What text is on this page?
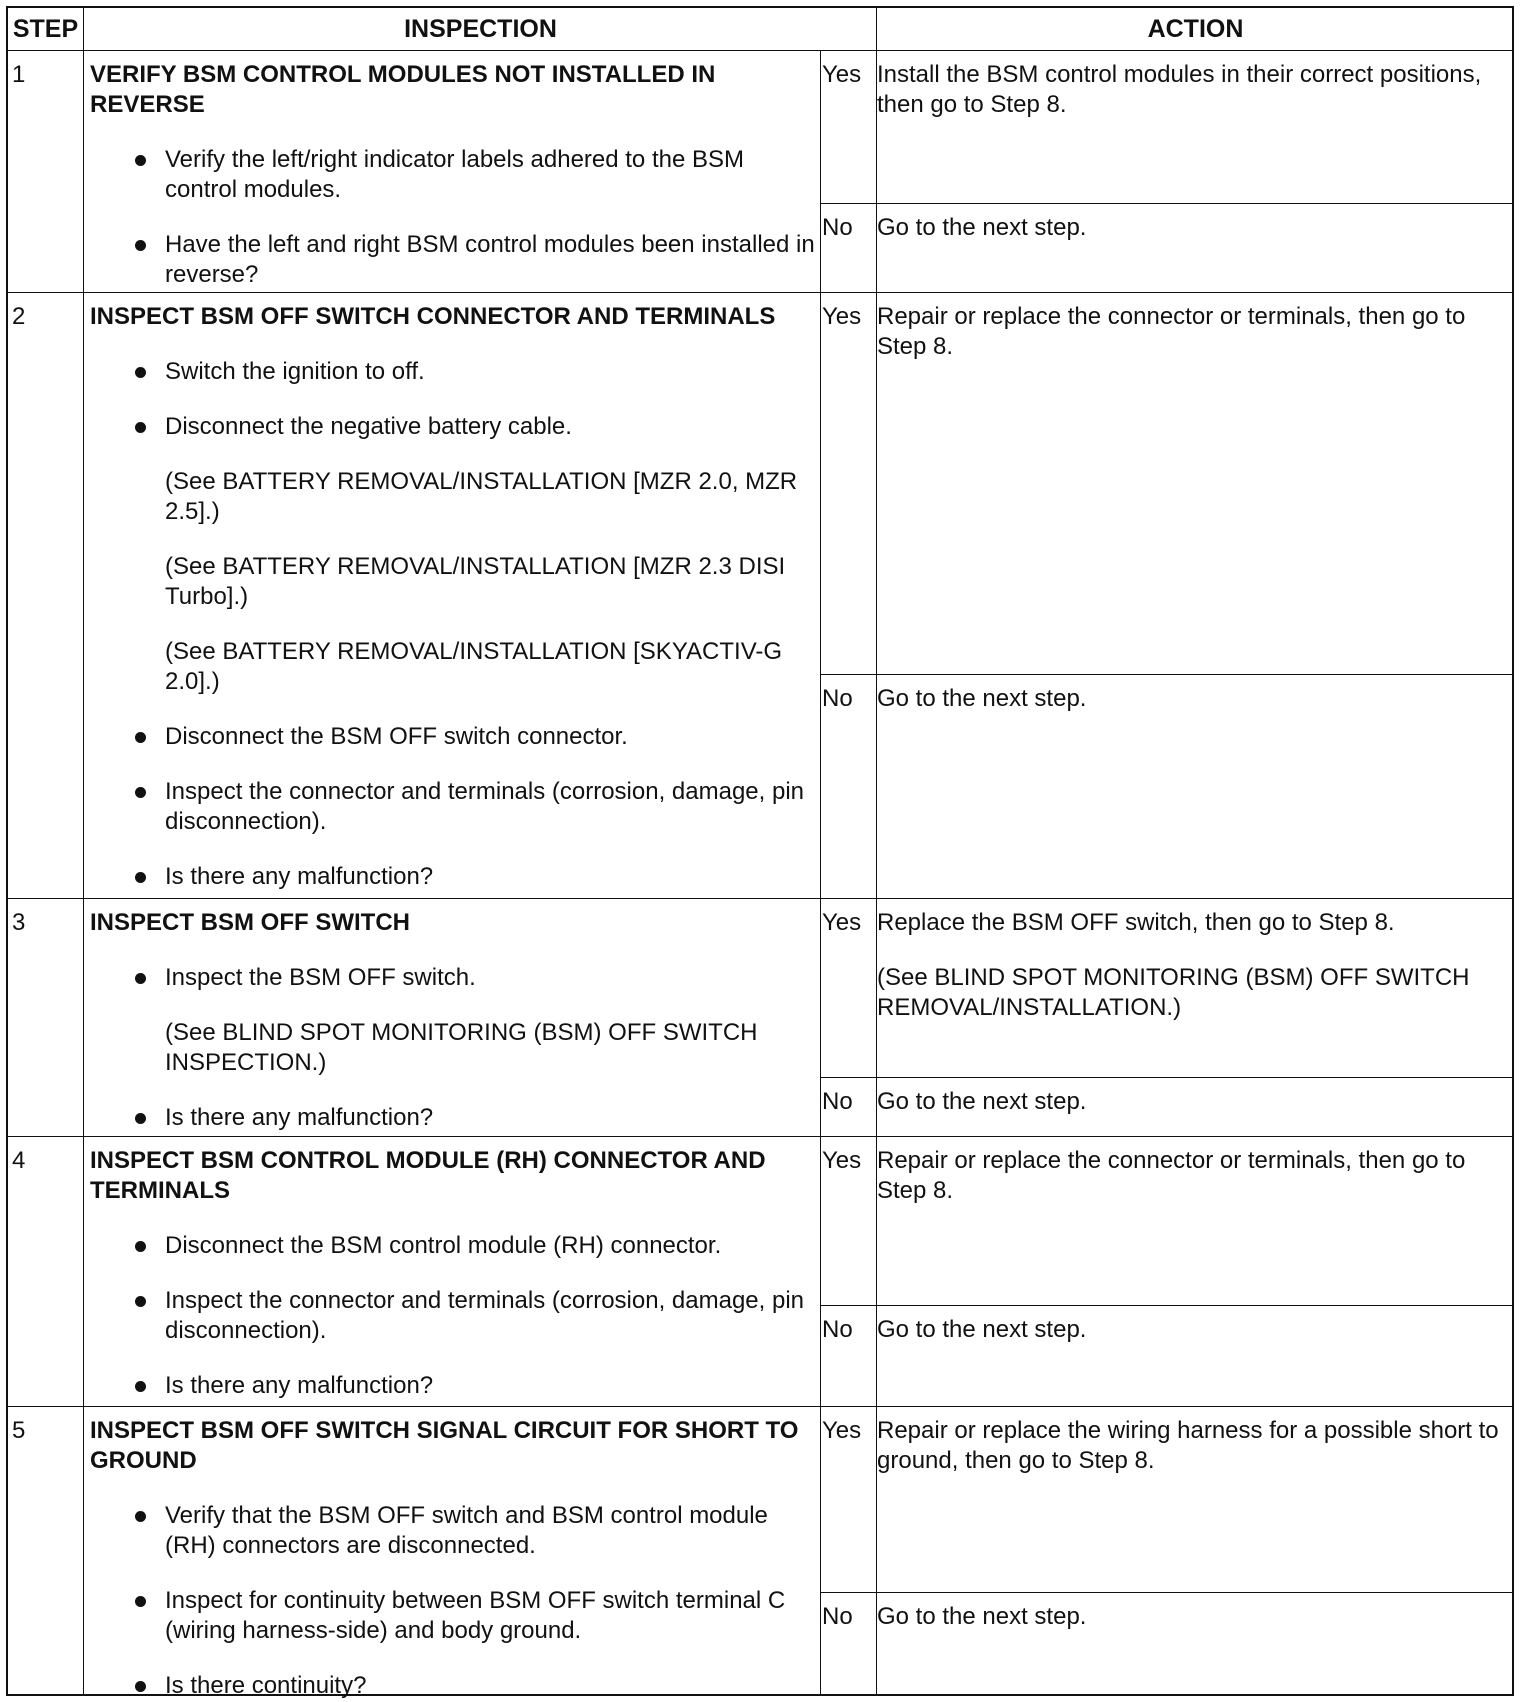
STEP	INSPECTION	ACTION
1	VERIFY BSM CONTROL MODULES NOT INSTALLED IN REVERSE

Verify the left/right indicator labels adhered to the BSM control modules.
Have the left and right BSM control modules been installed in reverse?
Yes Install the BSM control modules in their correct positions, then go to Step 8.

No Go to the next step.

2	INSPECT BSM OFF SWITCH CONNECTOR AND TERMINALS

Switch the ignition to off.
Disconnect the negative battery cable.
(See BATTERY REMOVAL/INSTALLATION [MZR 2.0, MZR 2.5].)
(See BATTERY REMOVAL/INSTALLATION [MZR 2.3 DISI Turbo].)
(See BATTERY REMOVAL/INSTALLATION [SKYACTIV-G 2.0].)
Disconnect the BSM OFF switch connector.
Inspect the connector and terminals (corrosion, damage, pin disconnection).
Is there any malfunction?
Yes Repair or replace the connector or terminals, then go to Step 8.

No Go to the next step.

3	INSPECT BSM OFF SWITCH

Inspect the BSM OFF switch.
(See BLIND SPOT MONITORING (BSM) OFF SWITCH INSPECTION.)
Is there any malfunction?
Yes Replace the BSM OFF switch, then go to Step 8.

(See BLIND SPOT MONITORING (BSM) OFF SWITCH REMOVAL/INSTALLATION.)

No Go to the next step.

4	INSPECT BSM CONTROL MODULE (RH) CONNECTOR AND TERMINALS

Disconnect the BSM control module (RH) connector.
Inspect the connector and terminals (corrosion, damage, pin disconnection).
Is there any malfunction?
Yes Repair or replace the connector or terminals, then go to Step 8.

No Go to the next step.

5	INSPECT BSM OFF SWITCH SIGNAL CIRCUIT FOR SHORT TO GROUND

Verify that the BSM OFF switch and BSM control module (RH) connectors are disconnected.
Inspect for continuity between BSM OFF switch terminal C (wiring harness-side) and body ground.
Is there continuity?
Yes Repair or replace the wiring harness for a possible short to ground, then go to Step 8.

No Go to the next step.
